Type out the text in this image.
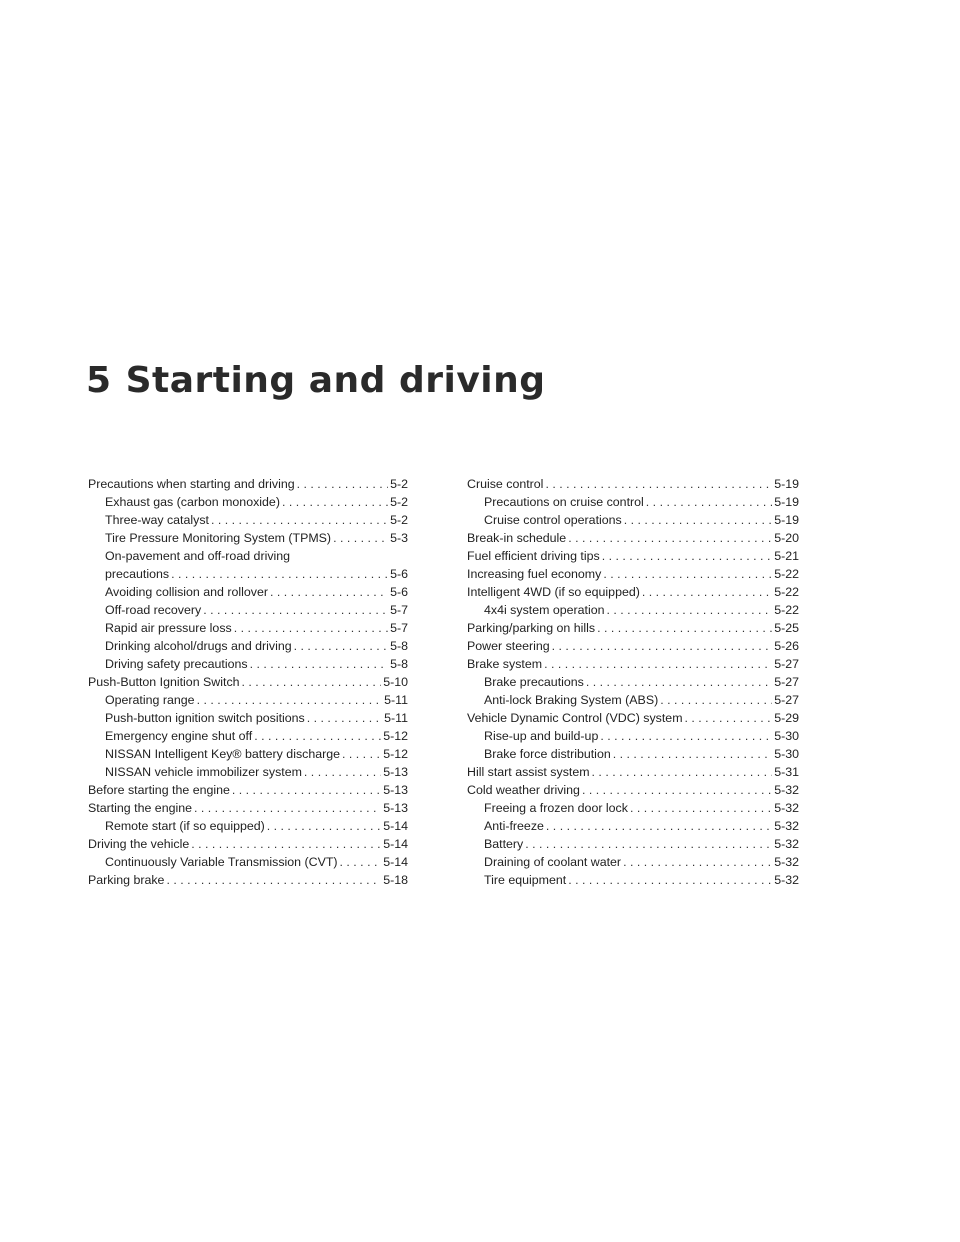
5 Starting and driving
Precautions when starting and driving . . .	5-2
Exhaust gas (carbon monoxide) . . .	5-2
Three-way catalyst . . .	5-2
Tire Pressure Monitoring System (TPMS) . . .	5-3
On-pavement and off-road driving
precautions . . .	5-6
Avoiding collision and rollover . . .	5-6
Off-road recovery . . .	5-7
Rapid air pressure loss . . .	5-7
Drinking alcohol/drugs and driving . . .	5-8
Driving safety precautions . . .	5-8
Push-Button Ignition Switch . . .	5-10
Operating range . . .	5-11
Push-button ignition switch positions . . .	5-11
Emergency engine shut off . . .	5-12
NISSAN Intelligent Key® battery discharge . . .	5-12
NISSAN vehicle immobilizer system . . .	5-13
Before starting the engine . . .	5-13
Starting the engine . . .	5-13
Remote start (if so equipped) . . .	5-14
Driving the vehicle . . .	5-14
Continuously Variable Transmission (CVT) . . .	5-14
Parking brake . . .	5-18
Cruise control . . .	5-19
Precautions on cruise control . . .	5-19
Cruise control operations . . .	5-19
Break-in schedule . . .	5-20
Fuel efficient driving tips . . .	5-21
Increasing fuel economy . . .	5-22
Intelligent 4WD (if so equipped) . . .	5-22
4x4i system operation . . .	5-22
Parking/parking on hills . . .	5-25
Power steering . . .	5-26
Brake system . . .	5-27
Brake precautions . . .	5-27
Anti-lock Braking System (ABS) . . .	5-27
Vehicle Dynamic Control (VDC) system . . .	5-29
Rise-up and build-up . . .	5-30
Brake force distribution . . .	5-30
Hill start assist system . . .	5-31
Cold weather driving . . .	5-32
Freeing a frozen door lock . . .	5-32
Anti-freeze . . .	5-32
Battery . . .	5-32
Draining of coolant water . . .	5-32
Tire equipment . . .	5-32
